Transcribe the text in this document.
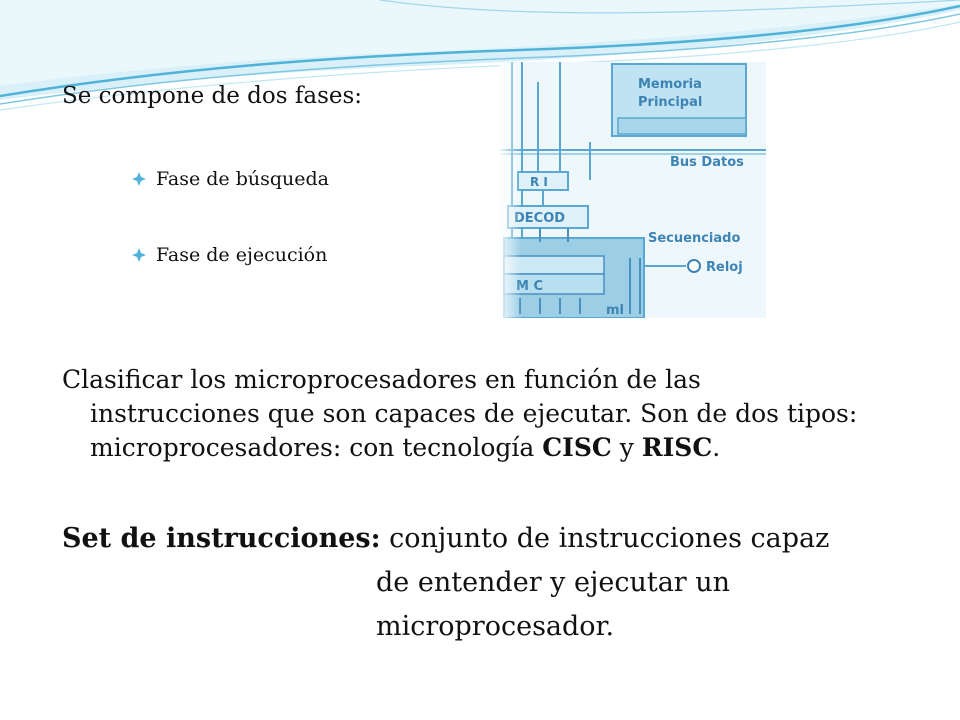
Se compone de dos fases:

Fase de búsqueda
Fase de ejecución

Clasificar los microprocesadores en función de las
instrucciones que son capaces de ejecutar. Son de dos tipos:
microprocesadores: con tecnología CISC y RISC.

Set de instrucciones: conjunto de instrucciones capaz
de entender y ejecutar un
microprocesador.
